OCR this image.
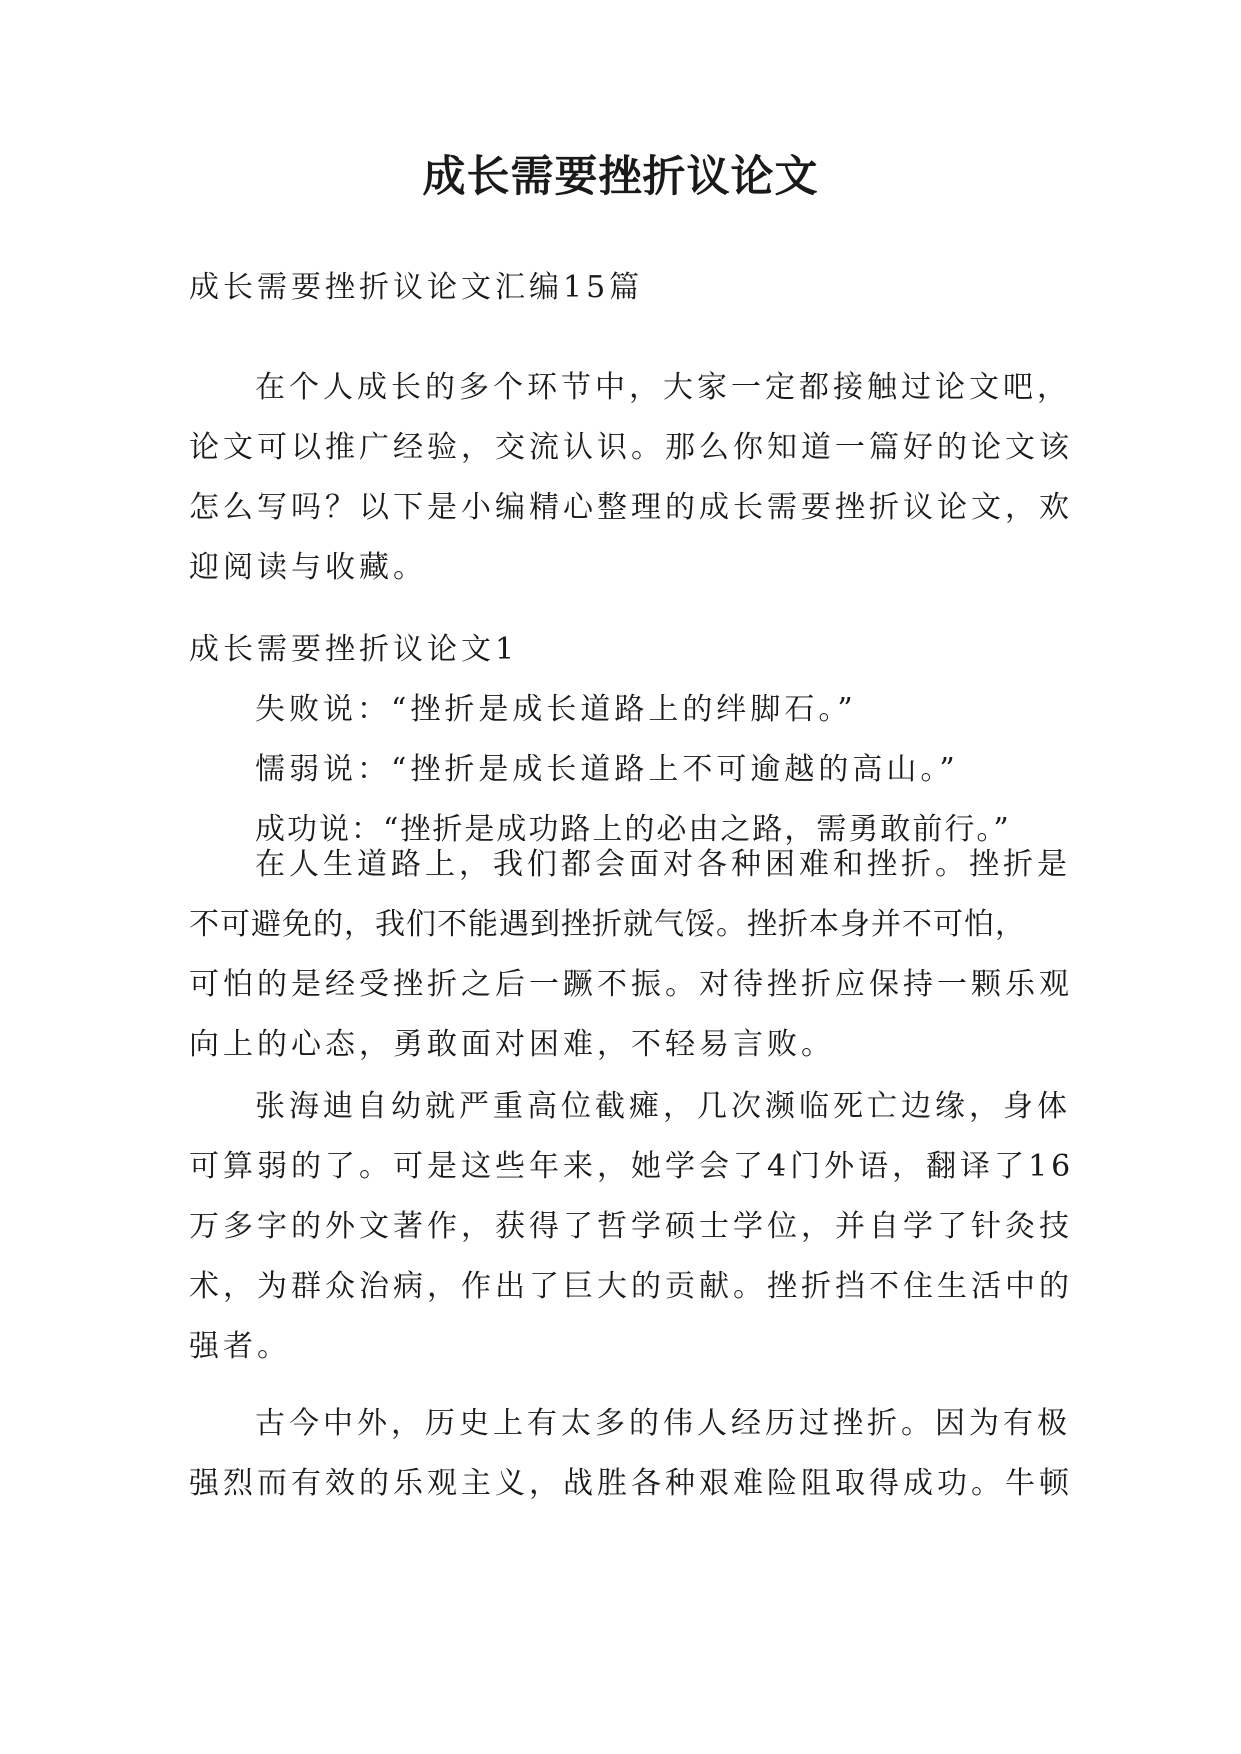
成长需要挫折议论文

成长需要挫折议论文汇编15篇

在个人成长的多个环节中，大家一定都接触过论文吧，
论文可以推广经验，交流认识。那么你知道一篇好的论文该
怎么写吗？以下是小编精心整理的成长需要挫折议论文，欢
迎阅读与收藏。

成长需要挫折议论文1

失败说：“挫折是成长道路上的绊脚石。”
懦弱说：“挫折是成长道路上不可逾越的高山。”
成功说：“挫折是成功路上的必由之路，需勇敢前行。”
在人生道路上，我们都会面对各种困难和挫折。挫折是
不可避免的，我们不能遇到挫折就气馁。挫折本身并不可怕，
可怕的是经受挫折之后一蹶不振。对待挫折应保持一颗乐观
向上的心态，勇敢面对困难，不轻易言败。
张海迪自幼就严重高位截瘫，几次濒临死亡边缘，身体
可算弱的了。可是这些年来，她学会了4门外语，翻译了16
万多字的外文著作，获得了哲学硕士学位，并自学了针灸技
术，为群众治病，作出了巨大的贡献。挫折挡不住生活中的
强者。
古今中外，历史上有太多的伟人经历过挫折。因为有极
强烈而有效的乐观主义，战胜各种艰难险阻取得成功。牛顿
